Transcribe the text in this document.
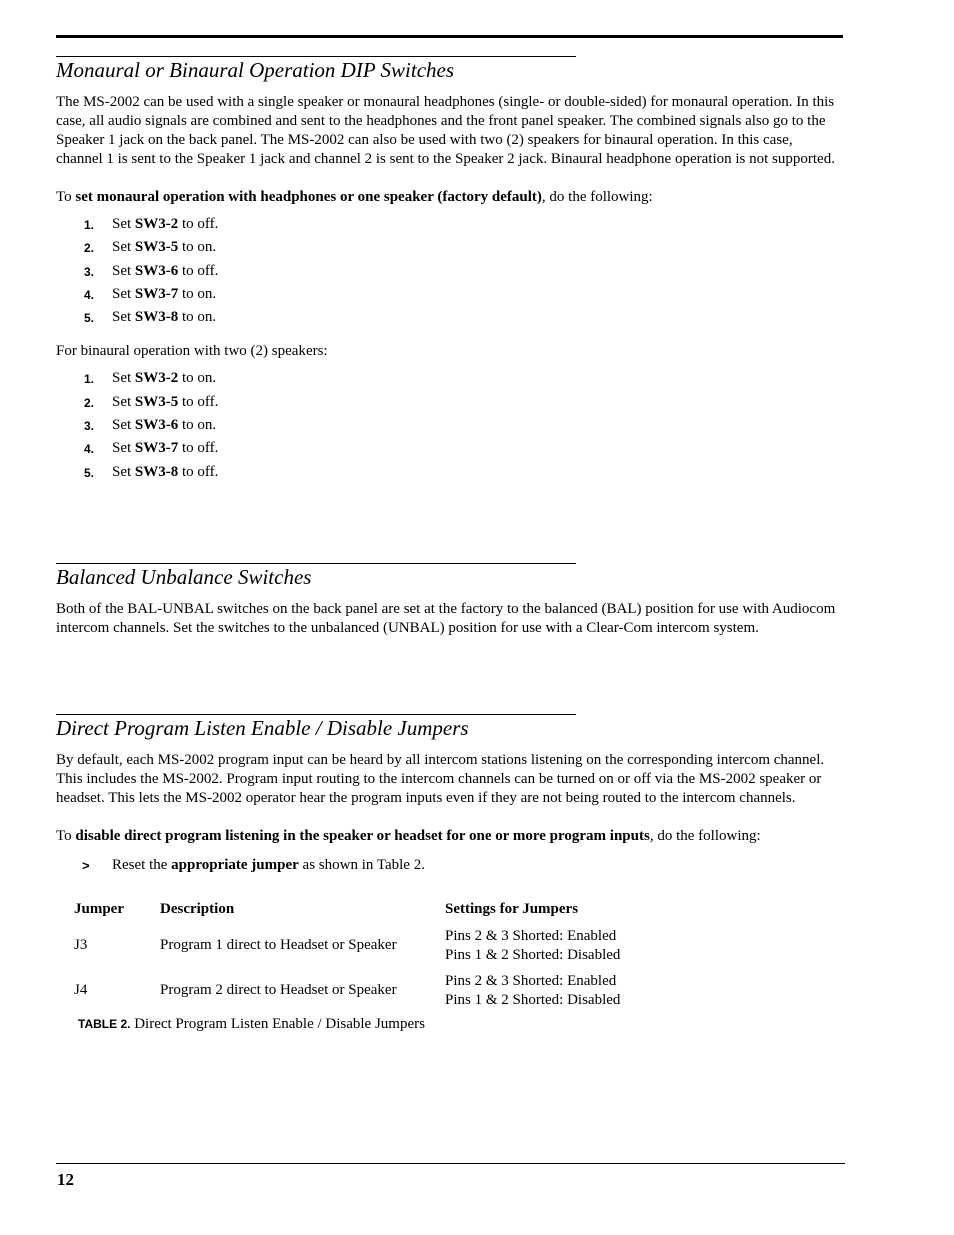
Monaural or Binaural Operation DIP Switches

The MS-2002 can be used with a single speaker or monaural headphones (single- or double-sided) for monaural operation. In this case, all audio signals are combined and sent to the headphones and the front panel speaker. The combined signals also go to the Speaker 1 jack on the back panel. The MS-2002 can also be used with two (2) speakers for binaural operation. In this case, channel 1 is sent to the Speaker 1 jack and channel 2 is sent to the Speaker 2 jack. Binaural headphone operation is not supported.

To set monaural operation with headphones or one speaker (factory default), do the following:

1. Set SW3-2 to off.
2. Set SW3-5 to on.
3. Set SW3-6 to off.
4. Set SW3-7 to on.
5. Set SW3-8 to on.

For binaural operation with two (2) speakers:

1. Set SW3-2 to on.
2. Set SW3-5 to off.
3. Set SW3-6 to on.
4. Set SW3-7 to off.
5. Set SW3-8 to off.
Balanced Unbalance Switches

Both of the BAL-UNBAL switches on the back panel are set at the factory to the balanced (BAL) position for use with Audiocom intercom channels. Set the switches to the unbalanced (UNBAL) position for use with a Clear-Com intercom system.

Direct Program Listen Enable / Disable Jumpers

By default, each MS-2002 program input can be heard by all intercom stations listening on the corresponding intercom channel. This includes the MS-2002. Program input routing to the intercom channels can be turned on or off via the MS-2002 speaker or headset. This lets the MS-2002 operator hear the program inputs even if they are not being routed to the intercom channels.

To disable direct program listening in the speaker or headset for one or more program inputs, do the following:

> Reset the appropriate jumper as shown in Table 2.
Jumper	Description	Settings for Jumpers
J3	Program 1 direct to Headset or Speaker	Pins 2 & 3 Shorted: Enabled
Pins 1 & 2 Shorted: Disabled

J4	Program 2 direct to Headset or Speaker	Pins 2 & 3 Shorted: Enabled
Pins 1 & 2 Shorted: Disabled
TABLE 2. Direct Program Listen Enable / Disable Jumpers
12
